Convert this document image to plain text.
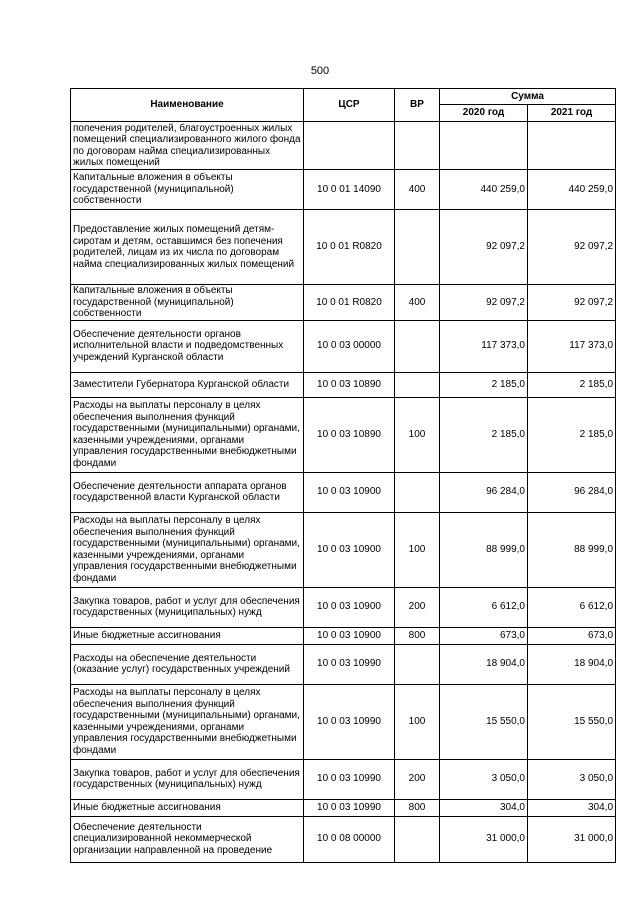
500
Наименование	ЦСР	ВР	Сумма	
			2020 год	2021 год
попечения родителей, благоустроенных жилых помещений специализированного жилого фонда по договорам найма специализированных жилых помещений				
Капитальные вложения в объекты государственной (муниципальной) собственности	10 0 01 14090	400	440 259,0	440 259,0
Предоставление жилых помещений детям-сиротам и детям, оставшимся без попечения родителей, лицам из их числа по договорам найма специализированных жилых помещений	10 0 01 R0820		92 097,2	92 097,2
Капитальные вложения в объекты государственной (муниципальной) собственности	10 0 01 R0820	400	92 097,2	92 097,2
Обеспечение деятельности органов исполнительной власти и подведомственных учреждений Курганской области	10 0 03 00000		117 373,0	117 373,0
Заместители Губернатора Курганской области	10 0 03 10890		2 185,0	2 185,0
Расходы на выплаты персоналу в целях обеспечения выполнения функций государственными (муниципальными) органами, казенными учреждениями, органами управления государственными внебюджетными фондами	10 0 03 10890	100	2 185,0	2 185,0
Обеспечение деятельности аппарата органов государственной власти Курганской области	10 0 03 10900		96 284,0	96 284,0
Расходы на выплаты персоналу в целях обеспечения выполнения функций государственными (муниципальными) органами, казенными учреждениями, органами управления государственными внебюджетными фондами	10 0 03 10900	100	88 999,0	88 999,0
Закупка товаров, работ и услуг для обеспечения государственных (муниципальных) нужд	10 0 03 10900	200	6 612,0	6 612,0
Иные бюджетные ассигнования	10 0 03 10900	800	673,0	673,0
Расходы на обеспечение деятельности (оказание услуг) государственных учреждений	10 0 03 10990		18 904,0	18 904,0
Расходы на выплаты персоналу в целях обеспечения выполнения функций государственными (муниципальными) органами, казенными учреждениями, органами управления государственными внебюджетными фондами	10 0 03 10990	100	15 550,0	15 550,0
Закупка товаров, работ и услуг для обеспечения государственных (муниципальных) нужд	10 0 03 10990	200	3 050,0	3 050,0
Иные бюджетные ассигнования	10 0 03 10990	800	304,0	304,0
Обеспечение деятельности специализированной некоммерческой организации направленной на проведение	10 0 08 00000		31 000,0	31 000,0
